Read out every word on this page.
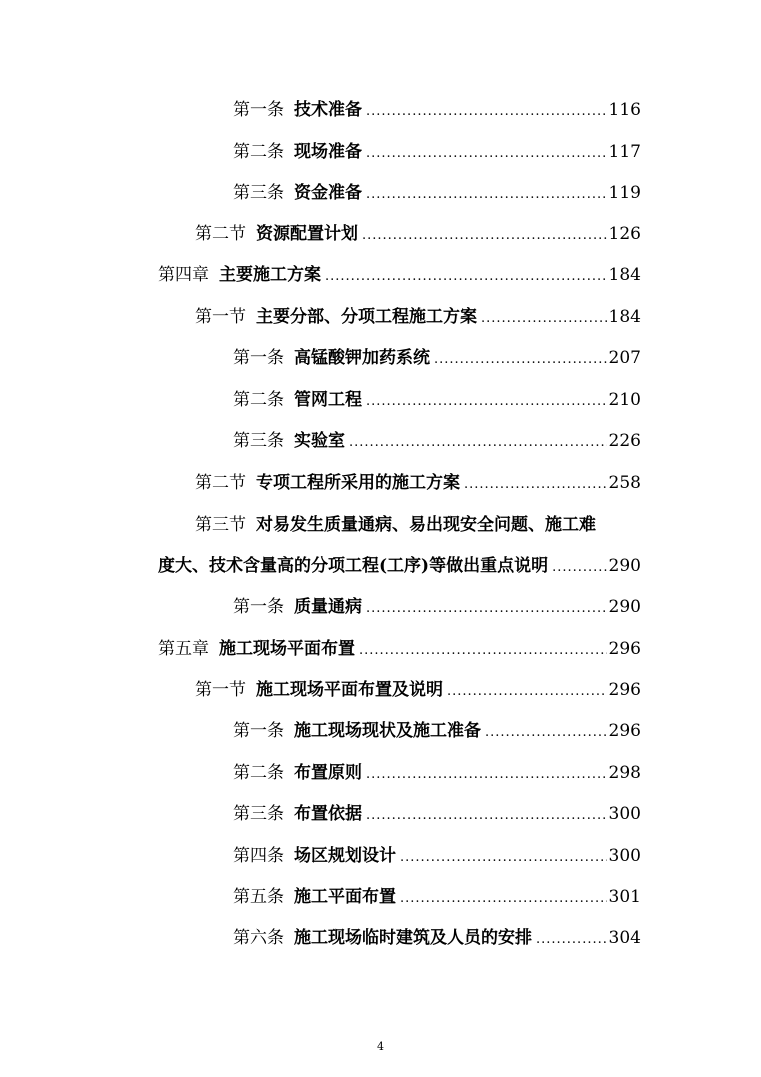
第一条 技术准备 .....	116
第二条 现场准备 .....	117
第三条 资金准备 .....	119
第二节 资源配置计划 .....	126
第四章 主要施工方案 .....	184
第一节 主要分部、分项工程施工方案 .....	184
第一条 高锰酸钾加药系统 .....	207
第二条 管网工程 .....	210
第三条 实验室 .....	226
第二节 专项工程所采用的施工方案 .....	258
第三节 对易发生质量通病、易出现安全问题、施工难
度大、技术含量高的分项工程(工序)等做出重点说明 .....	290
第一条 质量通病 .....	290
第五章 施工现场平面布置 .....	296
第一节 施工现场平面布置及说明 .....	296
第一条 施工现场现状及施工准备 .....	296
第二条 布置原则 .....	298
第三条 布置依据 .....	300
第四条 场区规划设计 .....	300
第五条 施工平面布置 .....	301
第六条 施工现场临时建筑及人员的安排 .....	304
4
